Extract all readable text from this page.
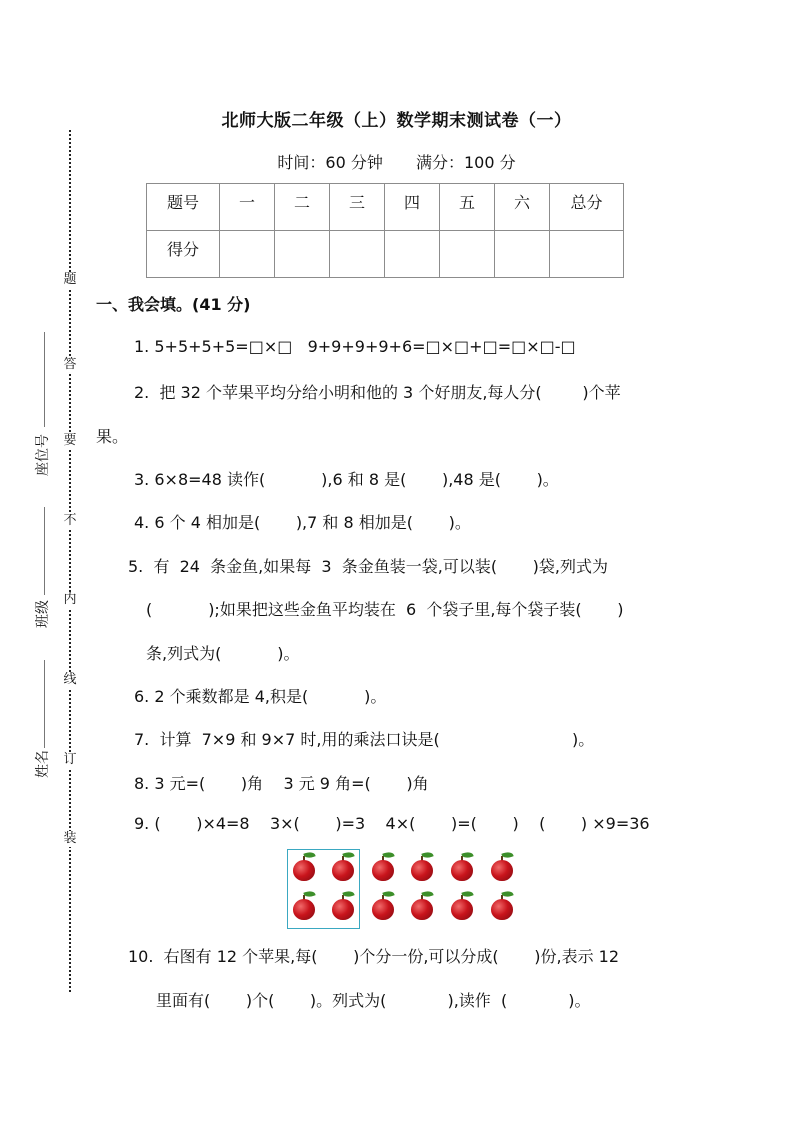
题
答
要
不
内
线
订
装
座位号
班级
姓名
北师大版二年级（上）数学期末测试卷（一）
时间：60 分钟 满分：100 分
题号	一	二	三	四	五	六	总分
得分							
一、我会填。(41 分)
1. 5+5+5+5=□×□   9+9+9+9+6=□×□+□=□×□-□
2.  把 32 个苹果平均分给小明和他的 3 个好朋友,每人分(        )个苹
果。
3. 6×8=48 读作(           ),6 和 8 是(       ),48 是(       )。
4. 6 个 4 相加是(       ),7 和 8 相加是(       )。
5.  有  24  条金鱼,如果每  3  条金鱼装一袋,可以装(       )袋,列式为
(           );如果把这些金鱼平均装在  6  个袋子里,每个袋子装(       )
条,列式为(           )。
6. 2 个乘数都是 4,积是(           )。
7.  计算  7×9 和 9×7 时,用的乘法口诀是(                          )。
8. 3 元=(       )角    3 元 9 角=(       )角
9. (       )×4=8    3×(       )=3    4×(       )=(       )    (       ) ×9=36
10.  右图有 12 个苹果,每(       )个分一份,可以分成(       )份,表示 12
里面有(       )个(       )。列式为(            ),读作  (            )。
